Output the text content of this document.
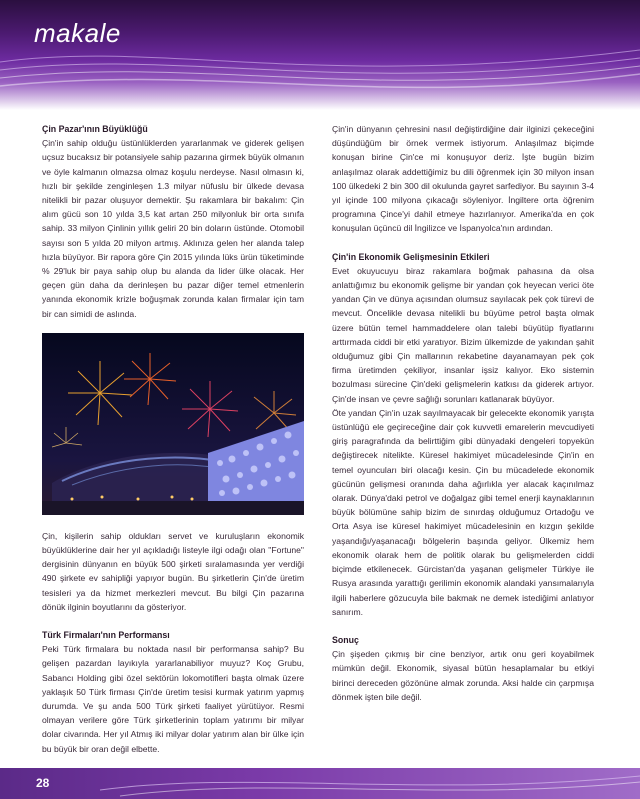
makale
Çin Pazar'ının Büyüklüğü

Çin'in sahip olduğu üstünlüklerden yararlanmak ve giderek gelişen uçsuz bucaksız bir potansiyele sahip pazarına girmek büyük olmanın ve öyle kalmanın olmazsa olmaz koşulu nerdeyse. Nasıl olmasın ki, hızlı bir şekilde zenginleşen 1.3 milyar nüfuslu bir ülkede devasa nitelikli bir pazar oluşuyor demektir. Şu rakamlara bir bakalım: Çin alım gücü son 10 yılda 3,5 kat artan 250 milyonluk bir orta sınıfa sahip. 33 milyon Çinlinin yıllık geliri 20 bin doların üstünde. Otomobil sayısı son 5 yılda 20 milyon artmış. Aklınıza gelen her alanda talep hızla büyüyor. Bir rapora göre Çin 2015 yılında lüks ürün tüketiminde % 29'luk bir paya sahip olup bu alanda da lider ülke olacak. Her geçen gün daha da derinleşen bu pazar diğer temel etmenlerin yanında ekonomik krizle boğuşmak zorunda kalan firmalar için tam bir can simidi de aslında.

Çin, kişilerin sahip oldukları servet ve kuruluşların ekonomik büyüklüklerine dair her yıl açıkladığı listeyle ilgi odağı olan "Fortune" dergisinin dünyanın en büyük 500 şirketi sıralamasında yer verdiği 490 şirkete ev sahipliği yapıyor bugün. Bu şirketlerin Çin'de üretim tesisleri ya da hizmet merkezleri mevcut. Bu bilgi Çin pazarına dönük ilginin boyutlarını da gösteriyor.

Türk Firmaları'nın Performansı

Peki Türk firmalara bu noktada nasıl bir performansa sahip? Bu gelişen pazardan layıkıyla yararlanabiliyor muyuz? Koç Grubu, Sabancı Holding gibi özel sektörün lokomotifleri başta olmak üzere yaklaşık 50 Türk firması Çin'de üretim tesisi kurmak yatırım yapmış durumda. Ve şu anda 500 Türk şirketi faaliyet yürütüyor. Resmi olmayan verilere göre Türk şirketlerinin toplam yatırımı bir milyar dolar civarında. Her yıl Atmış iki milyar dolar yatırım alan bir ülke için bu büyük bir oran değil elbette.

Çin'in dünyanın çehresini nasıl değiştirdiğine dair ilginizi çekeceğini düşündüğüm bir örnek vermek istiyorum. Anlaşılmaz biçimde konuşan birine Çin'ce mi konuşuyor deriz. İşte bugün bizim anlaşılmaz olarak addettiğimiz bu dili öğrenmek için 30 milyon insan 100 ülkedeki 2 bin 300 dil okulunda gayret sarfediyor. Bu sayının 3-4 yıl içinde 100 milyona çıkacağı söyleniyor. İngiltere orta öğrenim programına Çince'yi dahil etmeye hazırlanıyor. Amerika'da en çok konuşulan üçüncü dil İngilizce ve İspanyolca'nın ardından.

Çin'in Ekonomik Gelişmesinin Etkileri

Evet okuyucuyu biraz rakamlara boğmak pahasına da olsa anlattığımız bu ekonomik gelişme bir yandan çok heyecan verici öte yandan Çin ve dünya açısından olumsuz sayılacak pek çok türevi de mevcut. Öncelikle devasa nitelikli bu büyüme petrol başta olmak üzere bütün temel hammaddelere olan talebi büyütüp fiyatlarını arttırmada ciddi bir etki yaratıyor. Bizim ülkemizde de yakından şahit olduğumuz gibi Çin mallarının rekabetine dayanamayan pek çok firma üretimden çekiliyor, insanlar işsiz kalıyor. Eko sistemin bozulması sürecine Çin'deki gelişmelerin katkısı da giderek artıyor. Çin'de insan ve çevre sağlığı sorunları katlanarak büyüyor.

Öte yandan Çin'in uzak sayılmayacak bir gelecekte ekonomik yarışta üstünlüğü ele geçireceğine dair çok kuvvetli emarelerin mevcudiyeti giriş paragrafında da belirttiğim gibi dünyadaki dengeleri topyekün değiştirecek nitelikte. Küresel hakimiyet mücadelesinde Çin'in en temel oyuncuları biri olacağı kesin. Çin bu mücadelede ekonomik gücünün gelişmesi oranında daha ağırlıkla yer alacak kaçınılmaz olarak. Dünya'daki petrol ve doğalgaz gibi temel enerji kaynaklarının büyük bölümüne sahip bizim de sınırdaş olduğumuz Ortadoğu ve Orta Asya ise küresel hakimiyet mücadelesinin en kızgın şekilde yaşandığı/yaşanacağı bölgelerin başında geliyor. Ülkemiz hem ekonomik olarak hem de politik olarak bu gelişmelerden ciddi biçimde etkilenecek. Gürcistan'da yaşanan gelişmeler Türkiye ile Rusya arasında yarattığı gerilimin ekonomik alandaki yansımalarıyla ilgili haberlere gözucuyla bile bakmak ne demek istediğimi anlatıyor sanırım.

Sonuç

Çin şişeden çıkmış bir cine benziyor, artık onu geri koyabilmek mümkün değil. Ekonomik, siyasal bütün hesaplamalar bu etkiyi birinci dereceden gözönüne almak zorunda. Aksi halde cin çarpmışa dönmek işten bile değil.

28
